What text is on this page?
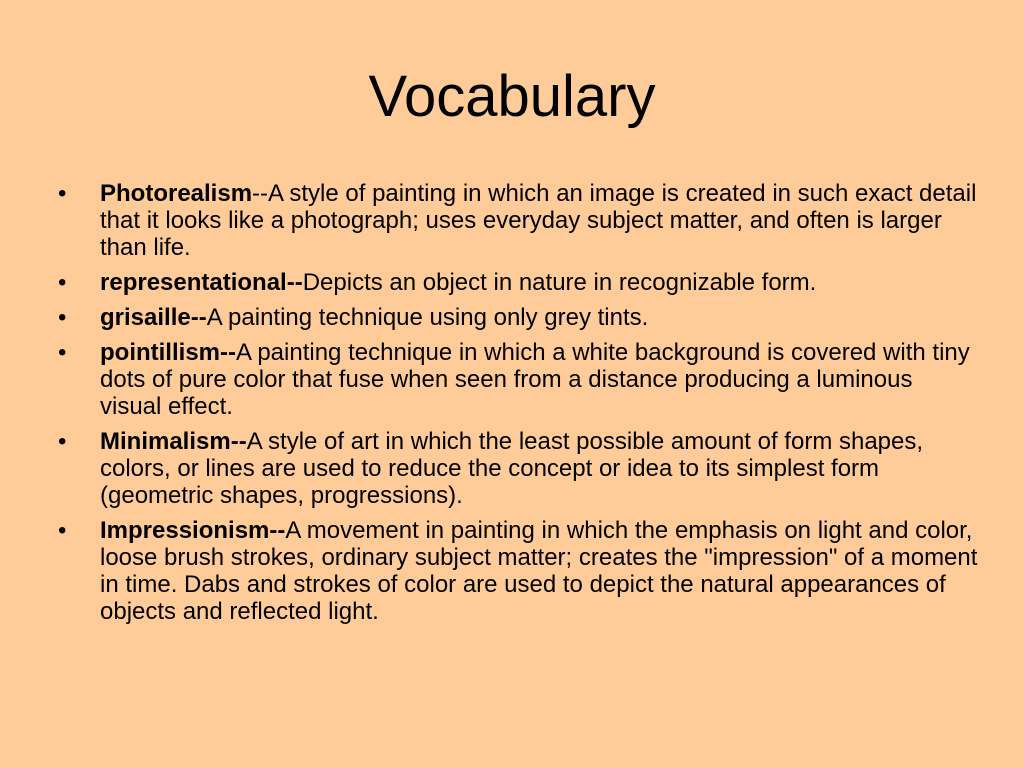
Vocabulary
•	Photorealism--A style of painting in which an image is created in such exact detail that it looks like a photograph; uses everyday subject matter, and often is larger than life.
•	representational--Depicts an object in nature in recognizable form.
•	grisaille--A painting technique using only grey tints.
•	pointillism--A painting technique in which a white background is covered with tiny dots of pure color that fuse when seen from a distance producing a luminous visual effect.
•	Minimalism--A style of art in which the least possible amount of form shapes, colors, or lines are used to reduce the concept or idea to its simplest form (geometric shapes, progressions).
•	Impressionism--A movement in painting in which the emphasis on light and color, loose brush strokes, ordinary subject matter; creates the "impression" of a moment in time. Dabs and strokes of color are used to depict the natural appearances of objects and reflected light.
